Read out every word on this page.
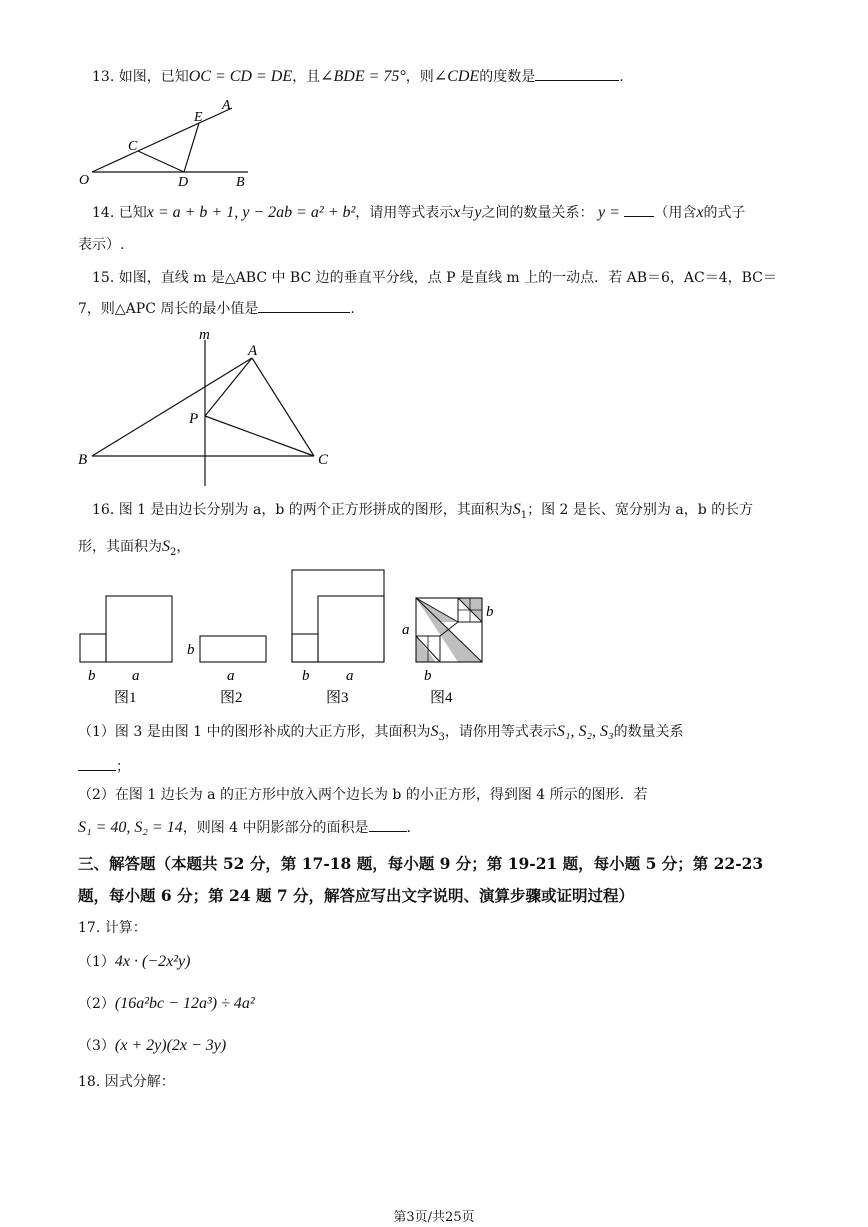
13. 如图，已知OC = CD = DE，且∠BDE = 75°，则∠CDE的度数是	.
O
C
E
A
D	B
14. 已知x = a + b + 1, y − 2ab = a² + b²，请用等式表示x与y之间的数量关系： y = （用含x的式子
表示）.
15. 如图，直线 m 是△ABC 中 BC 边的垂直平分线，点 P 是直线 m 上的一动点．若 AB＝6，AC＝4，BC＝
7，则△APC 周长的最小值是	.
m
A
P
B	C
16. 图 1 是由边长分别为 a，b 的两个正方形拼成的图形，其面积为$S_1$；图 2 是长、宽分别为 a，b 的长方
形，其面积为$S_2$，
b a
图1
b
a
图2
b a
图3
b
a
b
图4
（1）图 3 是由图 1 中的图形补成的大正方形，其面积为$S_3$，请你用等式表示S₁, S₂, S₃的数量关系
；
（2）在图 1 边长为 a 的正方形中放入两个边长为 b 的小正方形，得到图 4 所示的图形．若
S₁ = 40, S₂ = 14，则图 4 中阴影部分的面积是	.
三、解答题（本题共 52 分，第 17-18 题，每小题 9 分；第 19-21 题，每小题 5 分；第 22-23
题，每小题 6 分；第 24 题 7 分，解答应写出文字说明、演算步骤或证明过程）
17. 计算：
（1）4x · (−2x²y)
（2）(16a²bc − 12a³) ÷ 4a²
（3）(x + 2y)(2x − 3y)
18. 因式分解：
第3页/共25页
